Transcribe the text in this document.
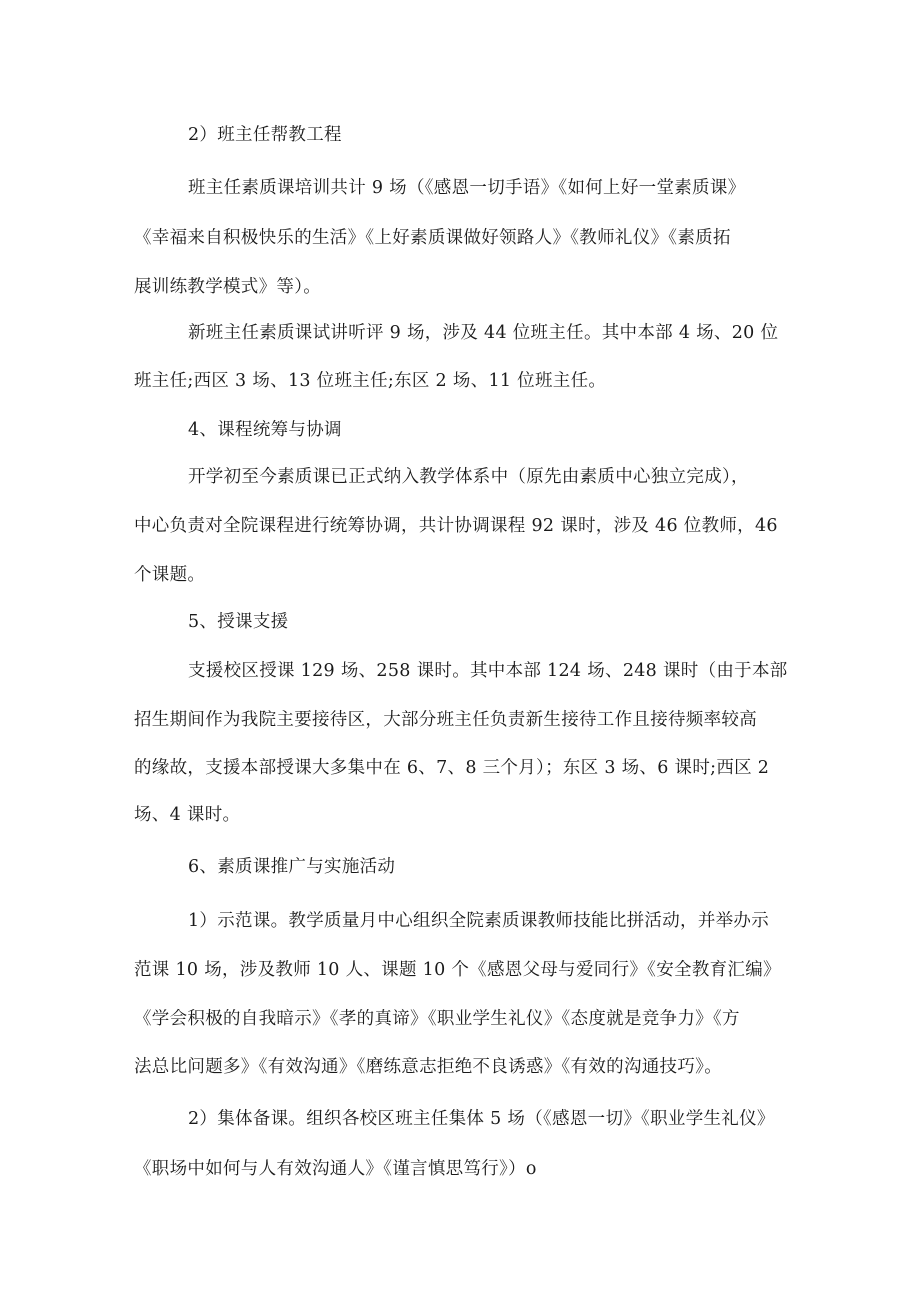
2）班主任帮教工程
班主任素质课培训共计 9 场（《感恩一切手语》《如何上好一堂素质课》
《幸福来自积极快乐的生活》《上好素质课做好领路人》《教师礼仪》《素质拓
展训练教学模式》等）。
新班主任素质课试讲听评 9 场，涉及 44 位班主任。其中本部 4 场、20 位
班主任;西区 3 场、13 位班主任;东区 2 场、11 位班主任。
4、课程统筹与协调
开学初至今素质课已正式纳入教学体系中（原先由素质中心独立完成），
中心负责对全院课程进行统筹协调，共计协调课程 92 课时，涉及 46 位教师，46
个课题。
5、授课支援
支援校区授课 129 场、258 课时。其中本部 124 场、248 课时（由于本部
招生期间作为我院主要接待区，大部分班主任负责新生接待工作且接待频率较高
的缘故，支援本部授课大多集中在 6、7、8 三个月）；东区 3 场、6 课时;西区 2
场、4 课时。
6、素质课推广与实施活动
1）示范课。教学质量月中心组织全院素质课教师技能比拼活动，并举办示
范课 10 场，涉及教师 10 人、课题 10 个《感恩父母与爱同行》《安全教育汇编》
《学会积极的自我暗示》《孝的真谛》《职业学生礼仪》《态度就是竞争力》《方
法总比问题多》《有效沟通》《磨练意志拒绝不良诱惑》《有效的沟通技巧》。
2）集体备课。组织各校区班主任集体 5 场（《感恩一切》《职业学生礼仪》
《职场中如何与人有效沟通人》《谨言慎思笃行》）o
